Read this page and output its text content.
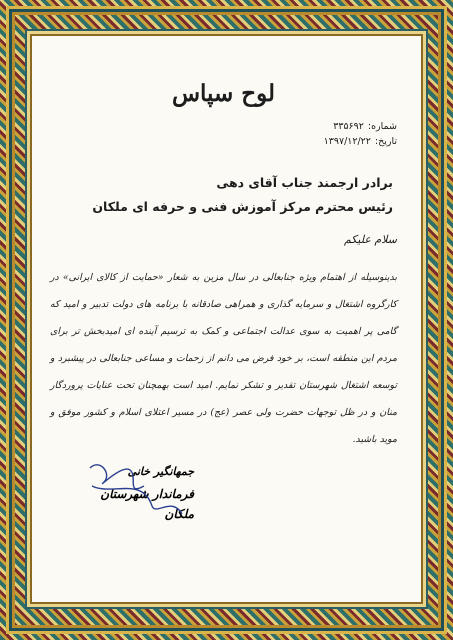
لوح سپاس
شماره:
۳۳۵۶۹۲
تاریخ:
۱۳۹۷/۱۲/۲۲
برادر ارجمند جناب آقای دهی
رئیس محترم مرکز آموزش فنی و حرفه ای ملکان
سلام علیکم
بدینوسیله از اهتمام ویژه جنابعالی در سال مزین به شعار «حمایت از کالای ایرانی» در کارگروه اشتغال و سرمایه گذاری و همراهی صادقانه با برنامه های دولت تدبیر و امید که گامی پر اهمیت به سوی عدالت اجتماعی و کمک به ترسیم آینده ای امیدبخش تر برای مردم این منطقه است، بر خود فرض می دانم از زحمات و مساعی جنابعالی در پیشبرد و توسعه اشتغال شهرستان تقدیر و تشکر نمایم. امید است بهمچنان تحت عنایات پروردگار منان و در ظل توجهات حضرت ولی عصر (عج) در مسیر اعتلای اسلام و کشور موفق و موید باشید.
جمهانگیر خانی
فرماندار شهرستان ملکان
